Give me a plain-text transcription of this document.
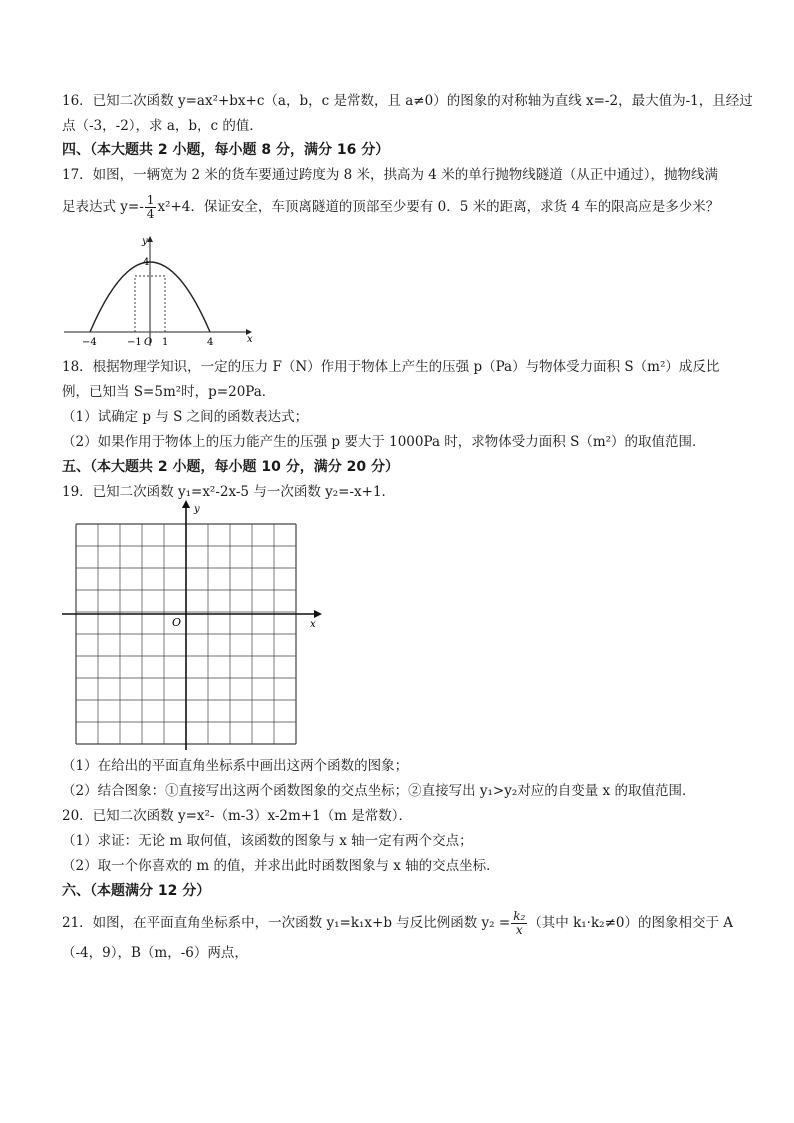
16．已知二次函数 y=ax²+bx+c（a，b，c 是常数，且 a≠0）的图象的对称轴为直线 x=-2，最大值为-1，且经过
点（-3，-2），求 a，b，c 的值．
四、（本大题共 2 小题，每小题 8 分，满分 16 分）
17．如图，一辆宽为 2 米的货车要通过跨度为 8 米，拱高为 4 米的单行抛物线隧道（从正中通过），抛物线满
足表达式 $y=- \frac{1}{4} x^2+4$．保证安全，车顶离隧道的顶部至少要有 0．5 米的距离，求货 4 车的限高应是多少米？
y
x
4
−4	−1 O 1	4
18．根据物理学知识，一定的压力 F（N）作用于物体上产生的压强 p（Pa）与物体受力面积 S（m²）成反比
例，已知当 S=5m²时，p=20Pa．
（1）试确定 p 与 S 之间的函数表达式；
（2）如果作用于物体上的压力能产生的压强 p 要大于 1000Pa 时，求物体受力面积 S（m²）的取值范围．
五、（本大题共 2 小题，每小题 10 分，满分 20 分）
19．已知二次函数 y₁=x²-2x-5 与一次函数 y₂=-x+1．
y
x
O
（1）在给出的平面直角坐标系中画出这两个函数的图象；
（2）结合图象：①直接写出这两个函数图象的交点坐标；②直接写出 y₁>y₂对应的自变量 x 的取值范围．
20．已知二次函数 y=x²-（m-3）x-2m+1（m 是常数）．
（1）求证：无论 m 取何值，该函数的图象与 x 轴一定有两个交点；
（2）取一个你喜欢的 m 的值，并求出此时函数图象与 x 轴的交点坐标．
六、（本题满分 12 分）
21．如图，在平面直角坐标系中，一次函数 y₁=k₁x+b 与反比例函数 $y_2 = \frac{\text{k₂}}{x}$ （其中 k₁·k₂≠0）的图象相交于 A
（-4，9），B（m，-6）两点，
